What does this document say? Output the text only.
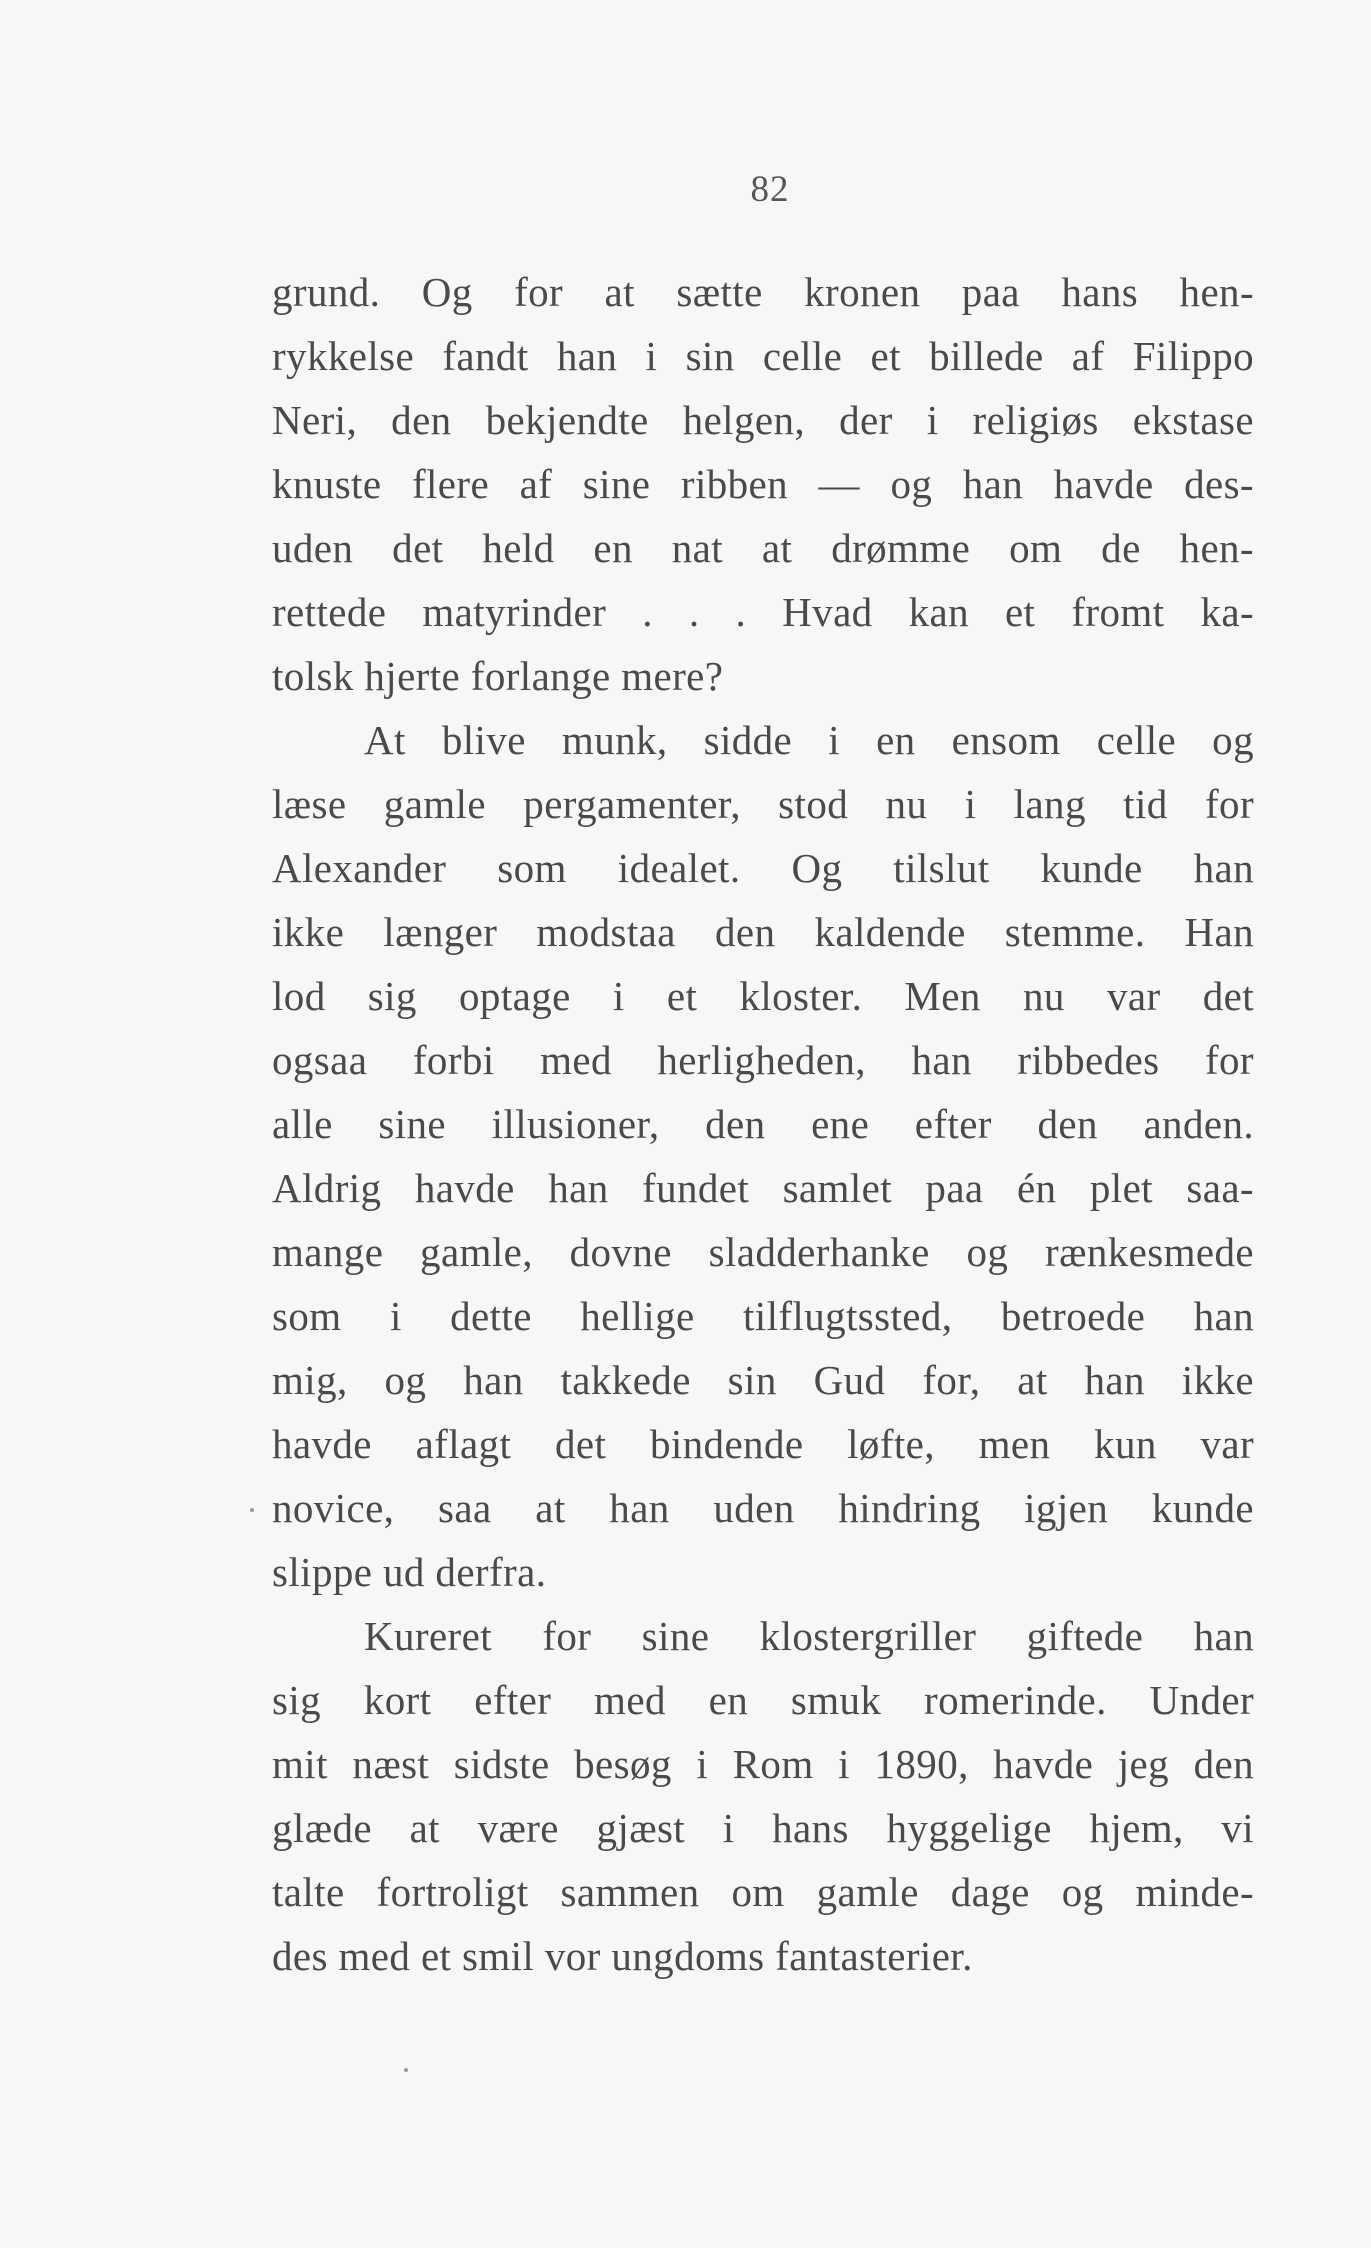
82
grund. Og for at sætte kronen paa hans hen-
rykkelse fandt han i sin celle et billede af Filippo
Neri, den bekjendte helgen, der i religiøs ekstase
knuste flere af sine ribben — og han havde des-
uden det held en nat at drømme om de hen-
rettede matyrinder . . . Hvad kan et fromt ka-
tolsk hjerte forlange mere?
At blive munk, sidde i en ensom celle og
læse gamle pergamenter, stod nu i lang tid for
Alexander som idealet. Og tilslut kunde han
ikke længer modstaa den kaldende stemme. Han
lod sig optage i et kloster. Men nu var det
ogsaa forbi med herligheden, han ribbedes for
alle sine illusioner, den ene efter den anden.
Aldrig havde han fundet samlet paa én plet saa-
mange gamle, dovne sladderhanke og rænkesmede
som i dette hellige tilflugtssted, betroede han
mig, og han takkede sin Gud for, at han ikke
havde aflagt det bindende løfte, men kun var
novice, saa at han uden hindring igjen kunde
slippe ud derfra.
Kureret for sine klostergriller giftede han
sig kort efter med en smuk romerinde. Under
mit næst sidste besøg i Rom i 1890, havde jeg den
glæde at være gjæst i hans hyggelige hjem, vi
talte fortroligt sammen om gamle dage og minde-
des med et smil vor ungdoms fantasterier.
